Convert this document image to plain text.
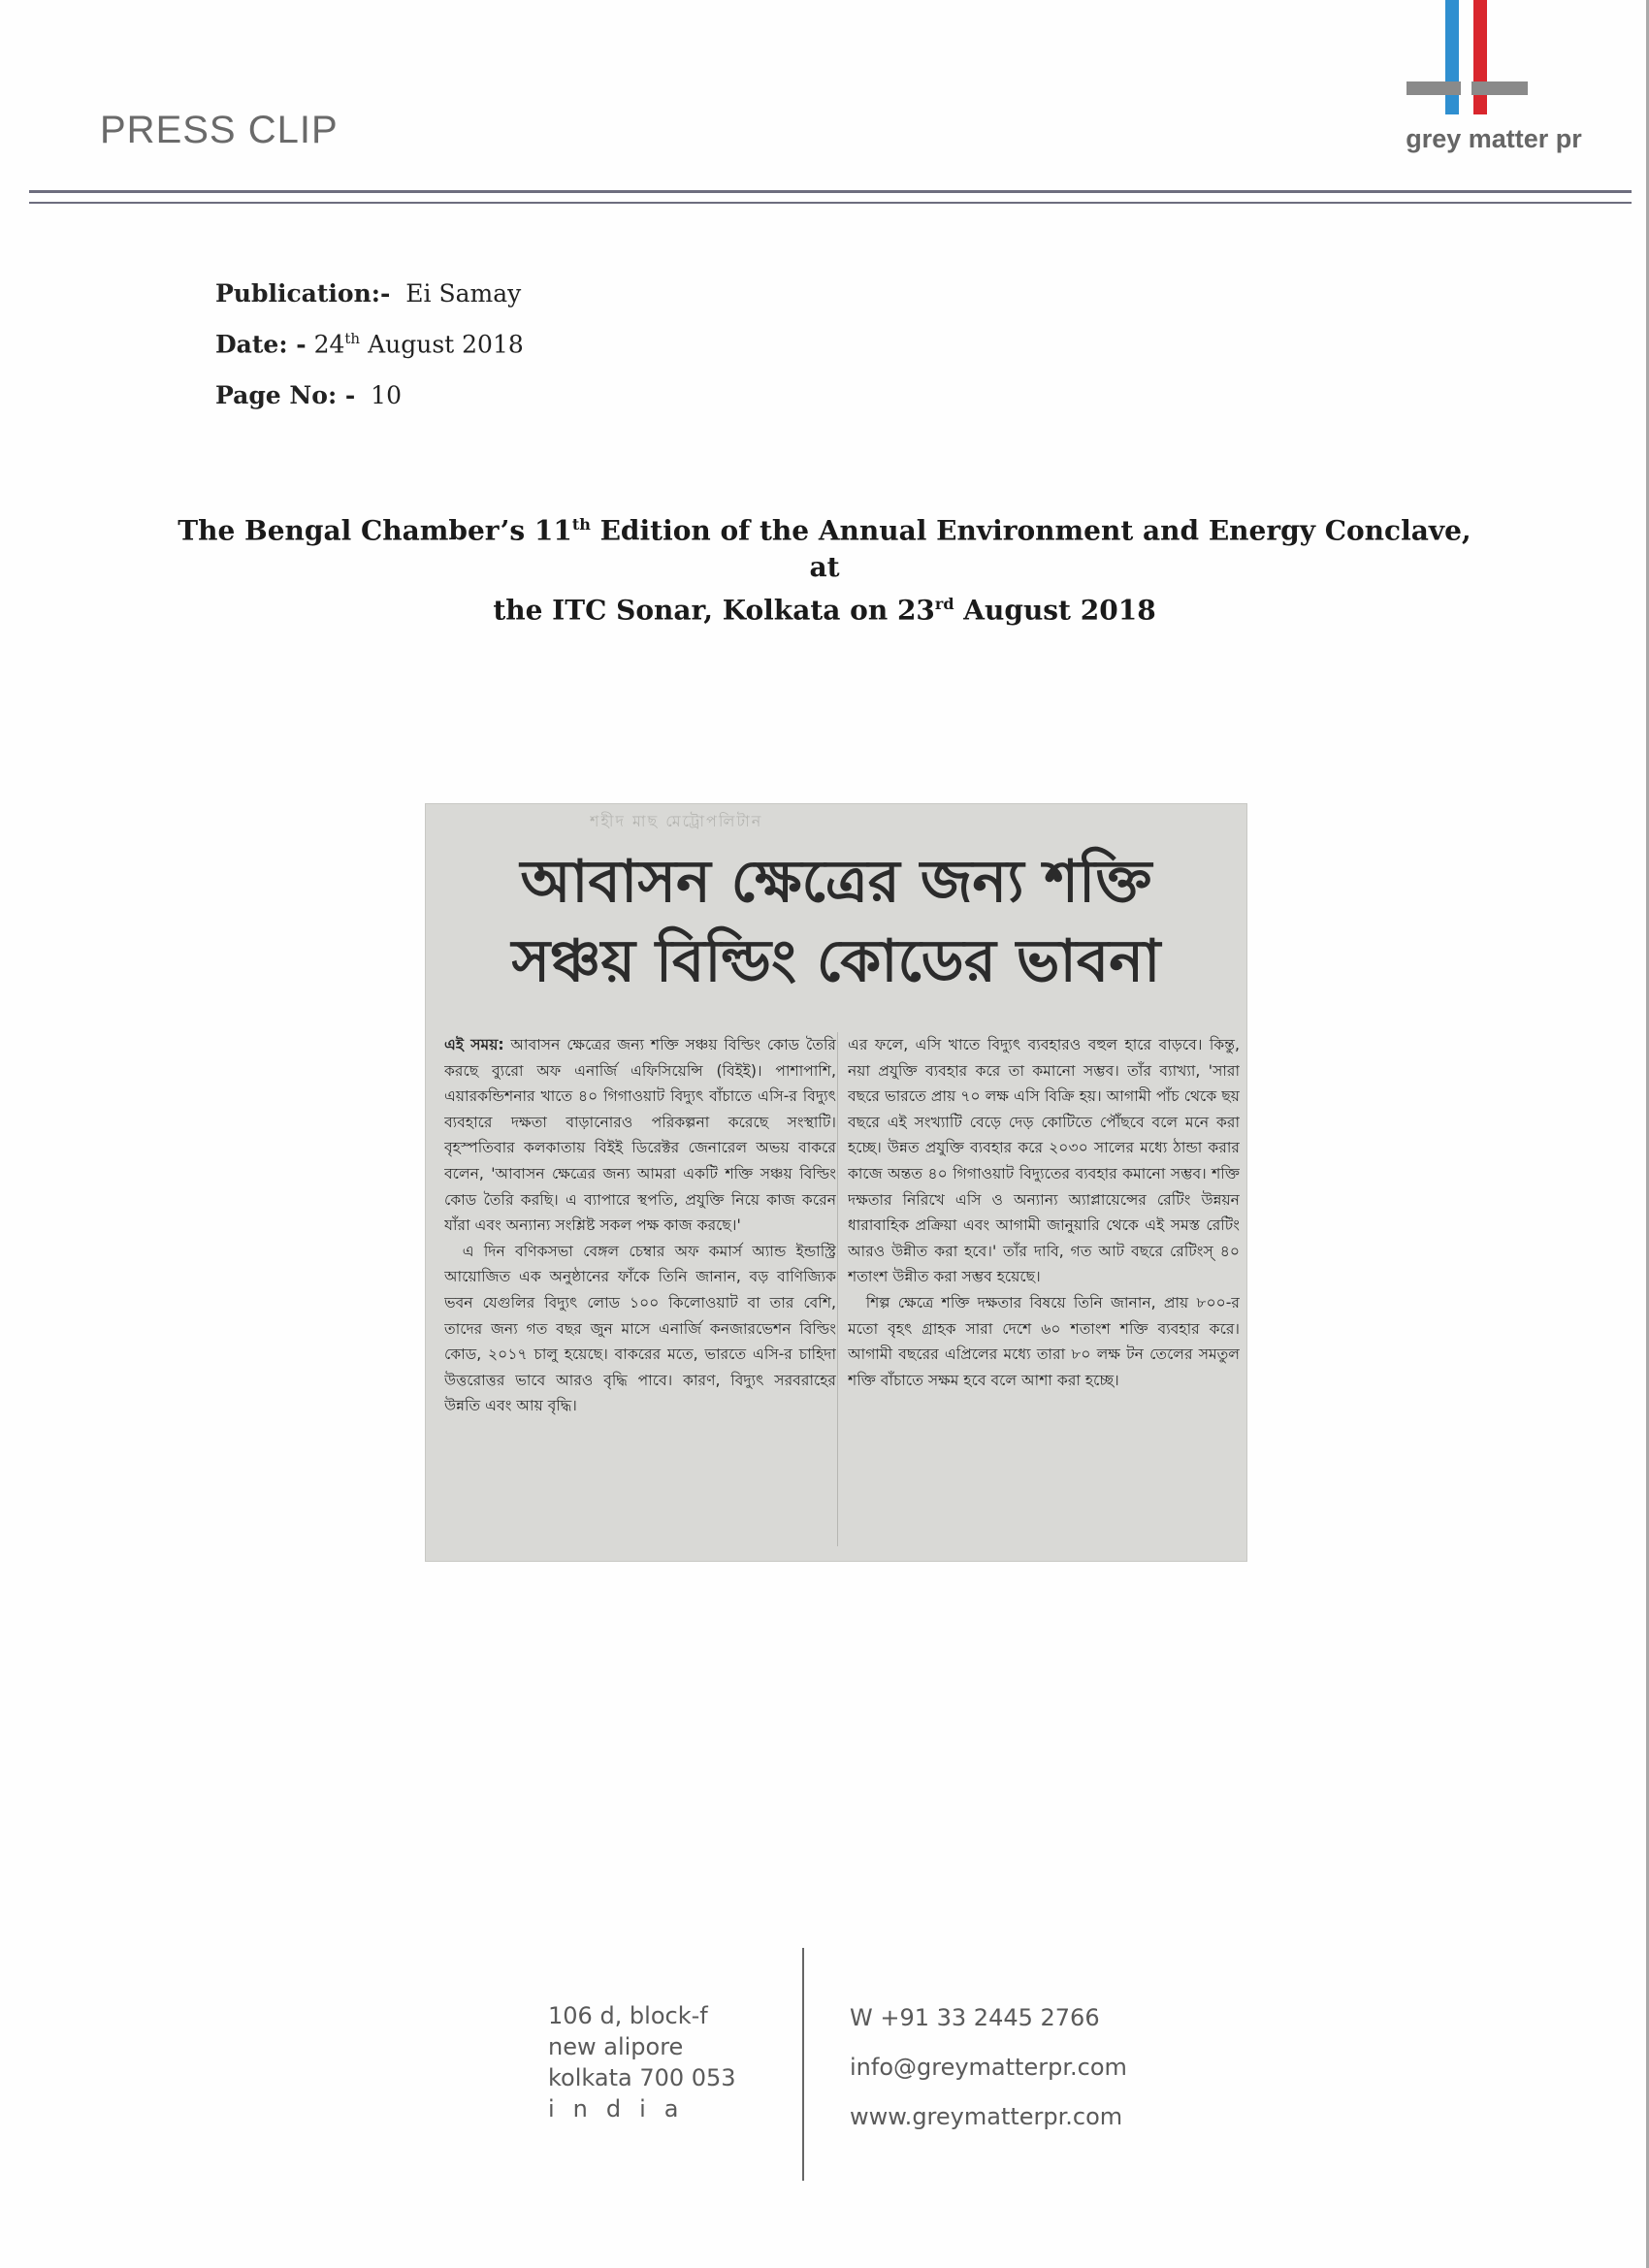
PRESS CLIP	grey matter pr
Publication:- Ei Samay
Date: - 24th August 2018
Page No: - 10
The Bengal Chamber’s 11th Edition of the Annual Environment and Energy Conclave, at
the ITC Sonar, Kolkata on 23rd August 2018
শহীদ মাছ মেট্রোপলিটান
আবাসন ক্ষেত্রের জন্য শক্তি
সঞ্চয় বিল্ডিং কোডের ভাবনা

এই সময়: আবাসন ক্ষেত্রের জন্য শক্তি সঞ্চয় বিল্ডিং কোড তৈরি করছে ব্যুরো অফ এনার্জি এফিসিয়েন্সি (বিইই)। পাশাপাশি, এয়ারকন্ডিশনার খাতে ৪০ গিগাওয়াট বিদ্যুৎ বাঁচাতে এসি-র বিদ্যুৎ ব্যবহারে দক্ষতা বাড়ানোরও পরিকল্পনা করেছে সংস্থাটি। বৃহস্পতিবার কলকাতায় বিইই ডিরেক্টর জেনারেল অভয় বাকরে বলেন, 'আবাসন ক্ষেত্রের জন্য আমরা একটি শক্তি সঞ্চয় বিল্ডিং কোড তৈরি করছি। এ ব্যাপারে স্থপতি, প্রযুক্তি নিয়ে কাজ করেন যাঁরা এবং অন্যান্য সংশ্লিষ্ট সকল পক্ষ কাজ করছে।'

এ দিন বণিকসভা বেঙ্গল চেম্বার অফ কমার্স অ্যান্ড ইন্ডাস্ট্রি আয়োজিত এক অনুষ্ঠানের ফাঁকে তিনি জানান, বড় বাণিজ্যিক ভবন যেগুলির বিদ্যুৎ লোড ১০০ কিলোওয়াট বা তার বেশি, তাদের জন্য গত বছর জুন মাসে এনার্জি কনজারভেশন বিল্ডিং কোড, ২০১৭ চালু হয়েছে। বাকরের মতে, ভারতে এসি-র চাহিদা উত্তরোত্তর ভাবে আরও বৃদ্ধি পাবে। কারণ, বিদ্যুৎ সরবরাহের উন্নতি এবং আয় বৃদ্ধি।

এর ফলে, এসি খাতে বিদ্যুৎ ব্যবহারও বহুল হারে বাড়বে। কিন্তু, নয়া প্রযুক্তি ব্যবহার করে তা কমানো সম্ভব। তাঁর ব্যাখ্যা, 'সারা বছরে ভারতে প্রায় ৭০ লক্ষ এসি বিক্রি হয়। আগামী পাঁচ থেকে ছয় বছরে এই সংখ্যাটি বেড়ে দেড় কোটিতে পৌঁছবে বলে মনে করা হচ্ছে। উন্নত প্রযুক্তি ব্যবহার করে ২০৩০ সালের মধ্যে ঠান্ডা করার কাজে অন্তত ৪০ গিগাওয়াট বিদ্যুতের ব্যবহার কমানো সম্ভব। শক্তি দক্ষতার নিরিখে এসি ও অন্যান্য অ্যাপ্লায়েন্সের রেটিং উন্নয়ন ধারাবাহিক প্রক্রিয়া এবং আগামী জানুয়ারি থেকে এই সমস্ত রেটিং আরও উন্নীত করা হবে।' তাঁর দাবি, গত আট বছরে রেটিংস্ ৪০ শতাংশ উন্নীত করা সম্ভব হয়েছে।

শিল্প ক্ষেত্রে শক্তি দক্ষতার বিষয়ে তিনি জানান, প্রায় ৮০০-র মতো বৃহৎ গ্রাহক সারা দেশে ৬০ শতাংশ শক্তি ব্যবহার করে। আগামী বছরের এপ্রিলের মধ্যে তারা ৮০ লক্ষ টন তেলের সমতুল শক্তি বাঁচাতে সক্ষম হবে বলে আশা করা হচ্ছে।

106 d, block-f
new alipore
kolkata 700 053
india
W +91 33 2445 2766
info@greymatterpr.com
www.greymatterpr.com
